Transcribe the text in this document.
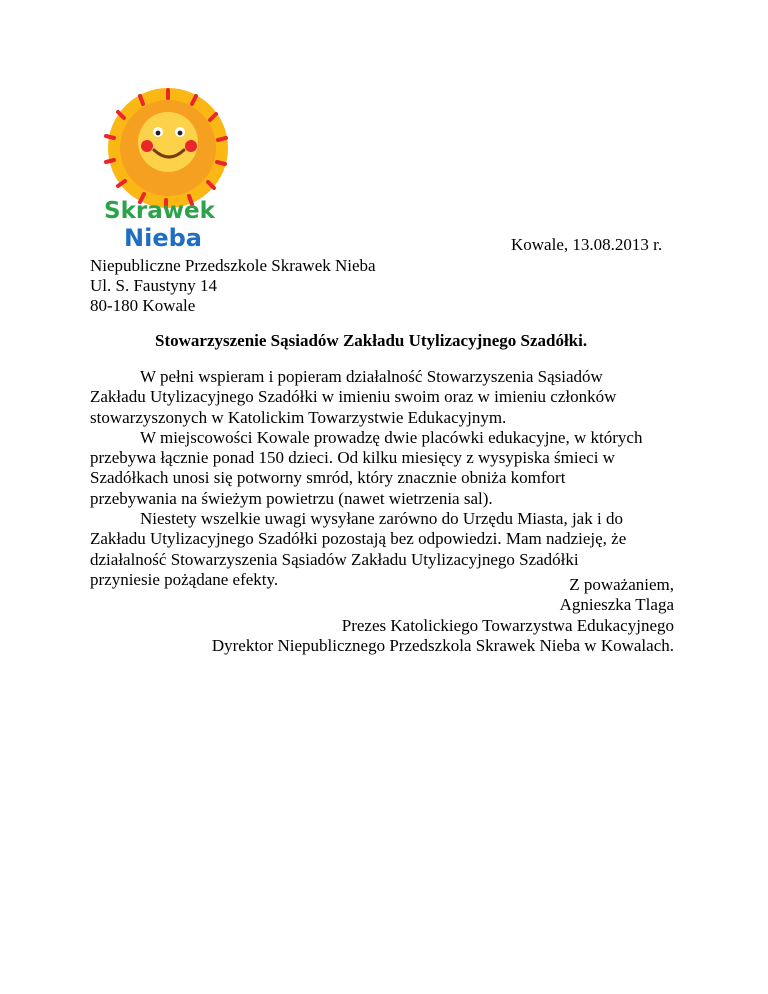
Skrawek
Nieba	Kowale, 13.08.2013 r.
Niepubliczne Przedszkole Skrawek Nieba
Ul. S. Faustyny 14
80-180 Kowale
Stowarzyszenie Sąsiadów Zakładu Utylizacyjnego Szadółki.
W pełni wspieram i popieram działalność Stowarzyszenia Sąsiadów
Zakładu Utylizacyjnego Szadółki w imieniu swoim oraz w imieniu członków
stowarzyszonych w Katolickim Towarzystwie Edukacyjnym.
W miejscowości Kowale prowadzę dwie placówki edukacyjne, w których
przebywa łącznie ponad 150 dzieci. Od kilku miesięcy z wysypiska śmieci w
Szadółkach unosi się potworny smród, który znacznie obniża komfort
przebywania na świeżym powietrzu (nawet wietrzenia sal).
Niestety wszelkie uwagi wysyłane zarówno do Urzędu Miasta, jak i do
Zakładu Utylizacyjnego Szadółki pozostają bez odpowiedzi. Mam nadzieję, że
działalność Stowarzyszenia Sąsiadów Zakładu Utylizacyjnego Szadółki
przyniesie pożądane efekty.	Z poważaniem,
Agnieszka Tlaga
Prezes Katolickiego Towarzystwa Edukacyjnego
Dyrektor Niepublicznego Przedszkola Skrawek Nieba w Kowalach.
